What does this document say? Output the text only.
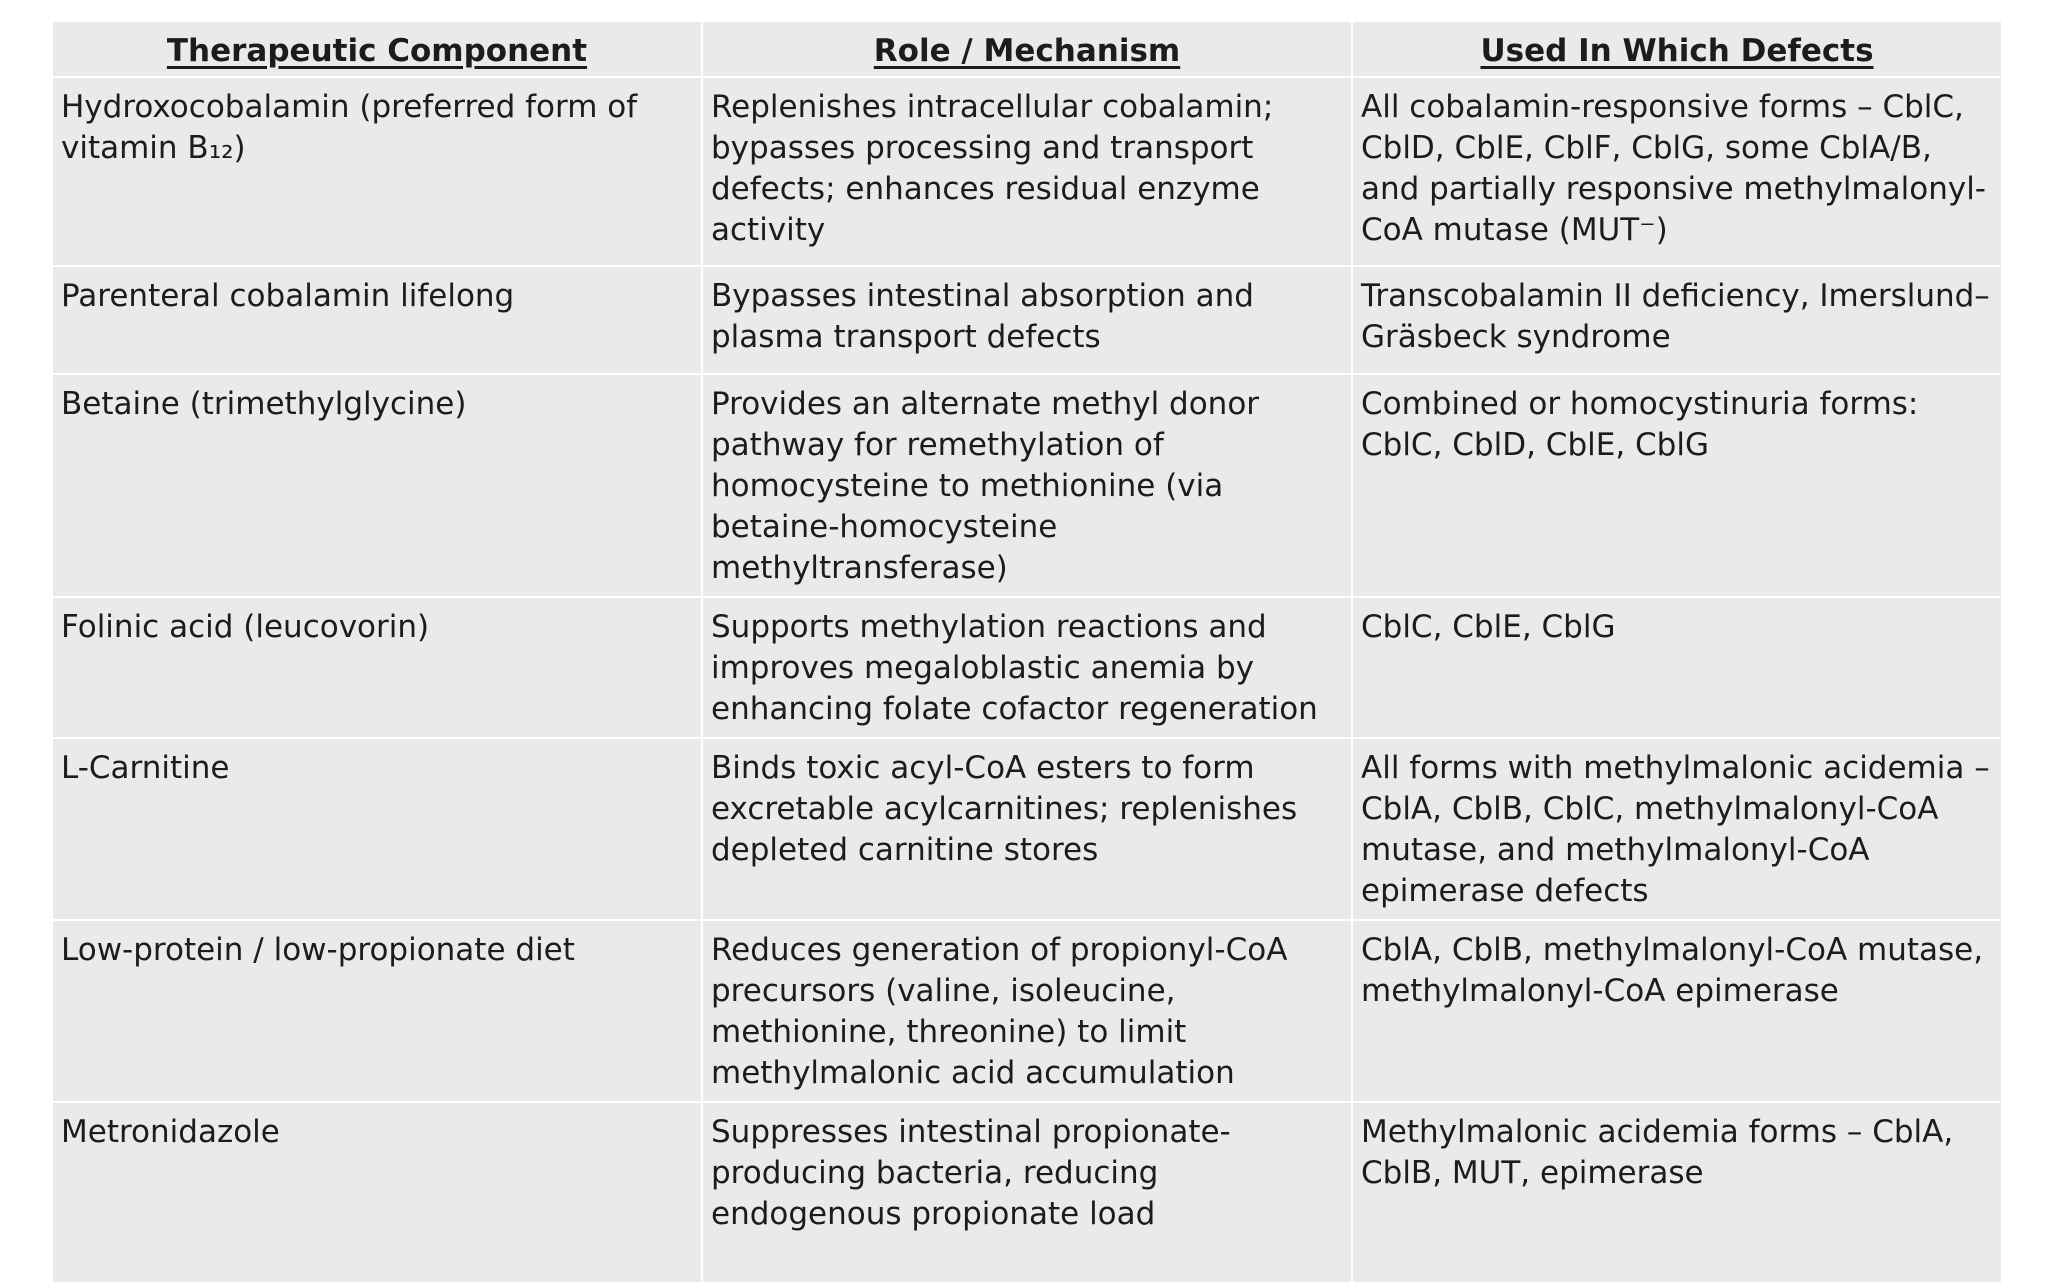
Therapeutic Component	Role / Mechanism	Used In Which Defects
Hydroxocobalamin (preferred form of vitamin B₁₂)	Replenishes intracellular cobalamin; bypasses processing and transport defects; enhances residual enzyme activity	All cobalamin-responsive forms – CblC, CblD, CblE, CblF, CblG, some CblA/B, and partially responsive methylmalonyl-CoA mutase (MUT⁻)
Parenteral cobalamin lifelong	Bypasses intestinal absorption and plasma transport defects	Transcobalamin II deficiency, Imerslund–Gräsbeck syndrome
Betaine (trimethylglycine)	Provides an alternate methyl donor pathway for remethylation of homocysteine to methionine (via betaine-homocysteine methyltransferase)	Combined or homocystinuria forms: CblC, CblD, CblE, CblG
Folinic acid (leucovorin)	Supports methylation reactions and improves megaloblastic anemia by enhancing folate cofactor regeneration	CblC, CblE, CblG
L-Carnitine	Binds toxic acyl-CoA esters to form excretable acylcarnitines; replenishes depleted carnitine stores	All forms with methylmalonic acidemia – CblA, CblB, CblC, methylmalonyl-CoA mutase, and methylmalonyl-CoA epimerase defects
Low-protein / low-propionate diet	Reduces generation of propionyl-CoA precursors (valine, isoleucine, methionine, threonine) to limit methylmalonic acid accumulation	CblA, CblB, methylmalonyl-CoA mutase, methylmalonyl-CoA epimerase
Metronidazole	Suppresses intestinal propionate-producing bacteria, reducing endogenous propionate load	Methylmalonic acidemia forms – CblA, CblB, MUT, epimerase
